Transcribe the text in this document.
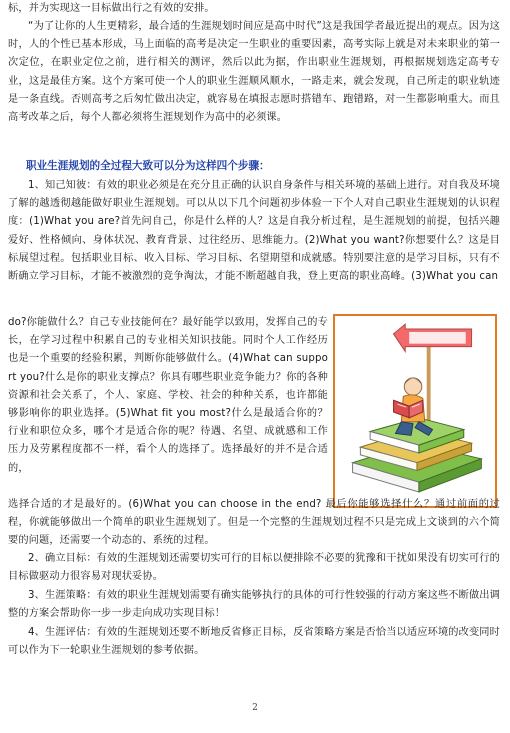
标，并为实现这一目标做出行之有效的安排。
“为了让你的人生更精彩，最合适的生涯规划时间应是高中时代”这是我国学者最近提出的观点。因为这时，人的个性已基本形成，马上面临的高考是决定一生职业的重要因素，高考实际上就是对未来职业的第一次定位，在职业定位之前，进行相关的测评，然后以此为据，作出职业生涯规划，再根据规划选定高考专业，这是最佳方案。这个方案可使一个人的职业生涯顺风顺水，一路走来，就会发现，自己所走的职业轨迹是一条直线。否则高考之后匆忙做出决定，就容易在填报志愿时搭错车、跑错路，对一生都影响重大。而且高考改革之后，每个人都必须将生涯规划作为高中的必须课。
职业生涯规划的全过程大致可以分为这样四个步骤：
1、知己知彼：有效的职业必须是在充分且正确的认识自身条件与相关环境的基础上进行。对自我及环境了解的越透彻越能做好职业生涯规划。可以从以下几个问题初步体验一下个人对自己职业生涯规划的认识程度：(1)What you are?首先问自己，你是什么样的人？这是自我分析过程，是生涯规划的前提，包括兴趣爱好、性格倾向、身体状况、教育背景、过往经历、思维能力。(2)What you want?你想要什么？这是目标展望过程。包括职业目标、收入目标、学习目标、名望期望和成就感。特别要注意的是学习目标，只有不断确立学习目标，才能不被激烈的竞争淘汰，才能不断超越自我，登上更高的职业高峰。(3)What you can
do?你能做什么？自己专业技能何在？最好能学以致用，发挥自己的专长，在学习过程中积累自己的专业相关知识技能。同时个人工作经历也是一个重要的经验积累，判断你能够做什么。(4)What can support you?什么是你的职业支撑点？你具有哪些职业竞争能力？你的各种资源和社会关系了，个人、家庭、学校、社会的种种关系，也许都能够影响你的职业选择。(5)What fit you most?什么是最适合你的？行业和职位众多，哪个才是适合你的呢？待遇、名望、成就感和工作压力及劳累程度都不一样，看个人的选择了。选择最好的并不是合适的，
选择合适的才是最好的。(6)What you can choose in the end? 最后你能够选择什么？通过前面的过程，你就能够做出一个简单的职业生涯规划了。但是一个完整的生涯规划过程不只是完成上文谈到的六个简要的问题，还需要一个动态的、系统的过程。
2、确立目标：有效的生涯规划还需要切实可行的目标以便排除不必要的犹豫和干扰如果没有切实可行的目标做驱动力很容易对现状妥协。
3、生涯策略：有效的职业生涯规划需要有确实能够执行的具体的可行性较强的行动方案这些不断做出调整的方案会帮助你一步一步走向成功实现目标！
4、生涯评估：有效的生涯规划还要不断地反省修正目标，反省策略方案是否恰当以适应环境的改变同时可以作为下一轮职业生涯规划的参考依据。
2
